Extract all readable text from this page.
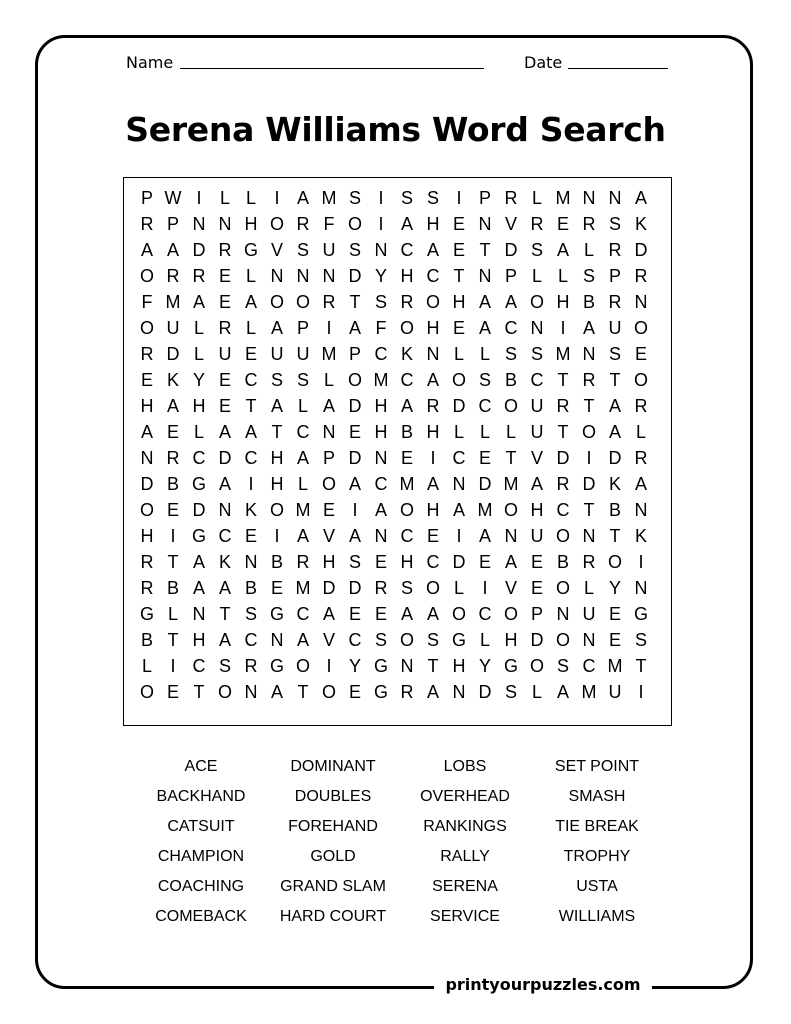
Name	Date
Serena Williams Word Search
P W I	L L	I A M S I S S I P R L M N N A
R P N N H O R F O I A H E N V R E R S K
A A D R G V S U S N C A E T D S A L R D
O R R E L N N N D Y H C T N P L L S P R
F M A E A O O R T S R O H A A O H B R N
O U L R L A P I A F O H E A C N I A U O
R D L U E U U M P C K N L L S S M N S E
E K Y E C S S L O M C A O S B C T R T O
H A H E T A L A D H A R D C O U R T A R
A E L A A T C N E H B H L L L U T O A L
N R C D C H A P D N E I C E T V D I D R
D B G A I H L O A C M A N D M A R D K A
O E D N K O M E I A O H A M O H C T B N
H I G C E I A V A N C E I A N U O N T K
R T A K N B R H S E H C D E A E B R O I
R B A A B E M D D R S O L	I V E O L Y N
G L N T S G C A E E A A O C O P N U E G
B T H A C N A V C S O S G L H D O N E S
L	I C S R G O I Y G N T H Y G O S C M T
O E T O N A T O E G R A N D S L A M U I
ACE	DOMINANT	LOBS	SET POINT
BACKHAND	DOUBLES	OVERHEAD	SMASH
CATSUIT	FOREHAND	RANKINGS	TIE BREAK
CHAMPION	GOLD	RALLY	TROPHY
COACHING	GRAND SLAM	SERENA	USTA
COMEBACK	HARD COURT	SERVICE	WILLIAMS
printyourpuzzles.com
